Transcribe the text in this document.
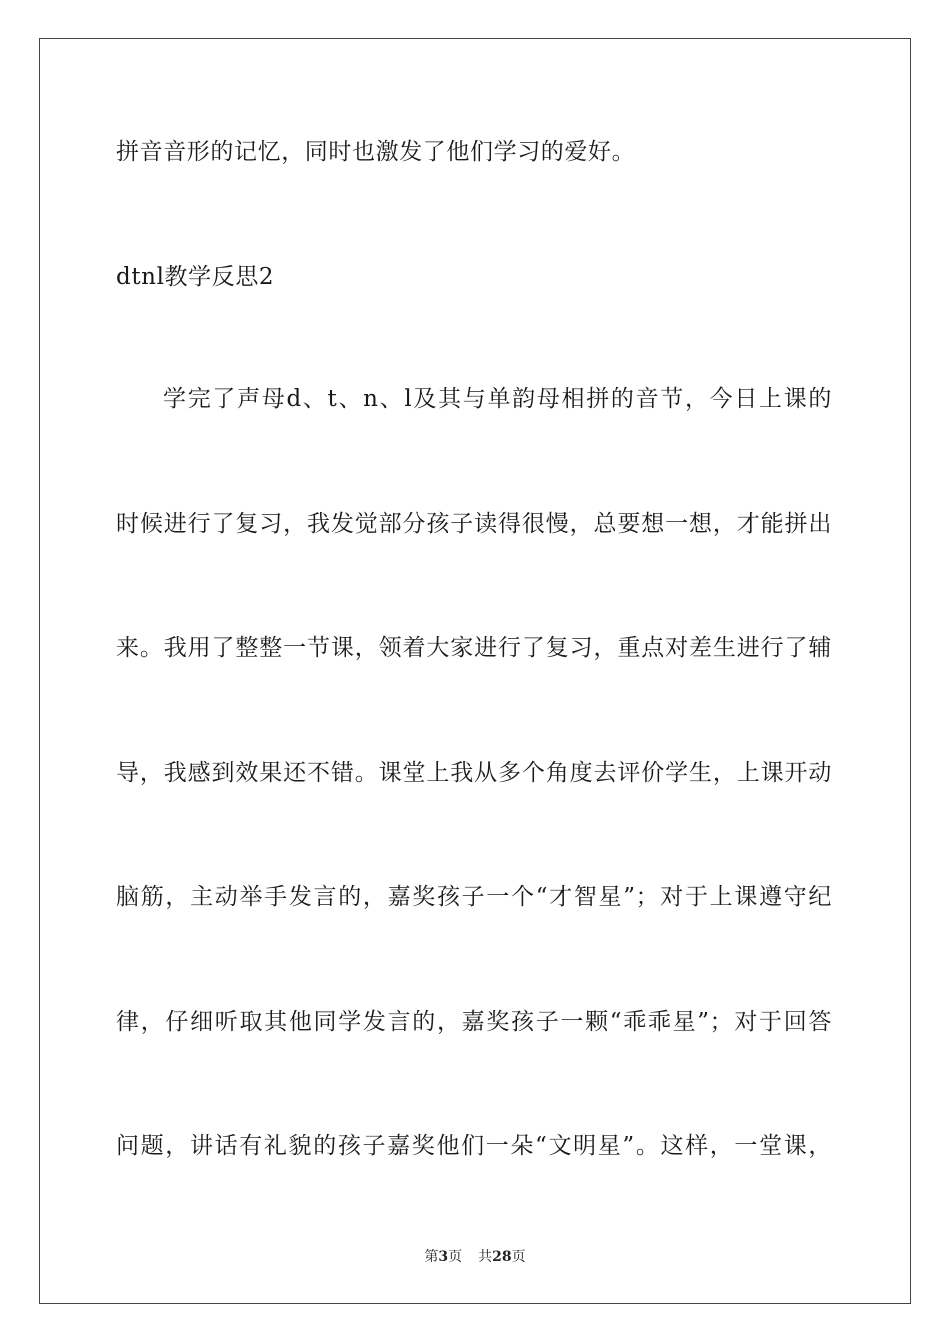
拼音音形的记忆，同时也激发了他们学习的爱好。
dtnl教学反思2
学完了声母d、t、n、l及其与单韵母相拼的音节，今日上课的
时候进行了复习，我发觉部分孩子读得很慢，总要想一想，才能拼出
来。我用了整整一节课，领着大家进行了复习，重点对差生进行了辅
导，我感到效果还不错。课堂上我从多个角度去评价学生，上课开动
脑筋，主动举手发言的，嘉奖孩子一个“才智星”；对于上课遵守纪
律，仔细听取其他同学发言的，嘉奖孩子一颗“乖乖星”；对于回答
问题，讲话有礼貌的孩子嘉奖他们一朵“文明星”。这样，一堂课，
第3页 共28页
